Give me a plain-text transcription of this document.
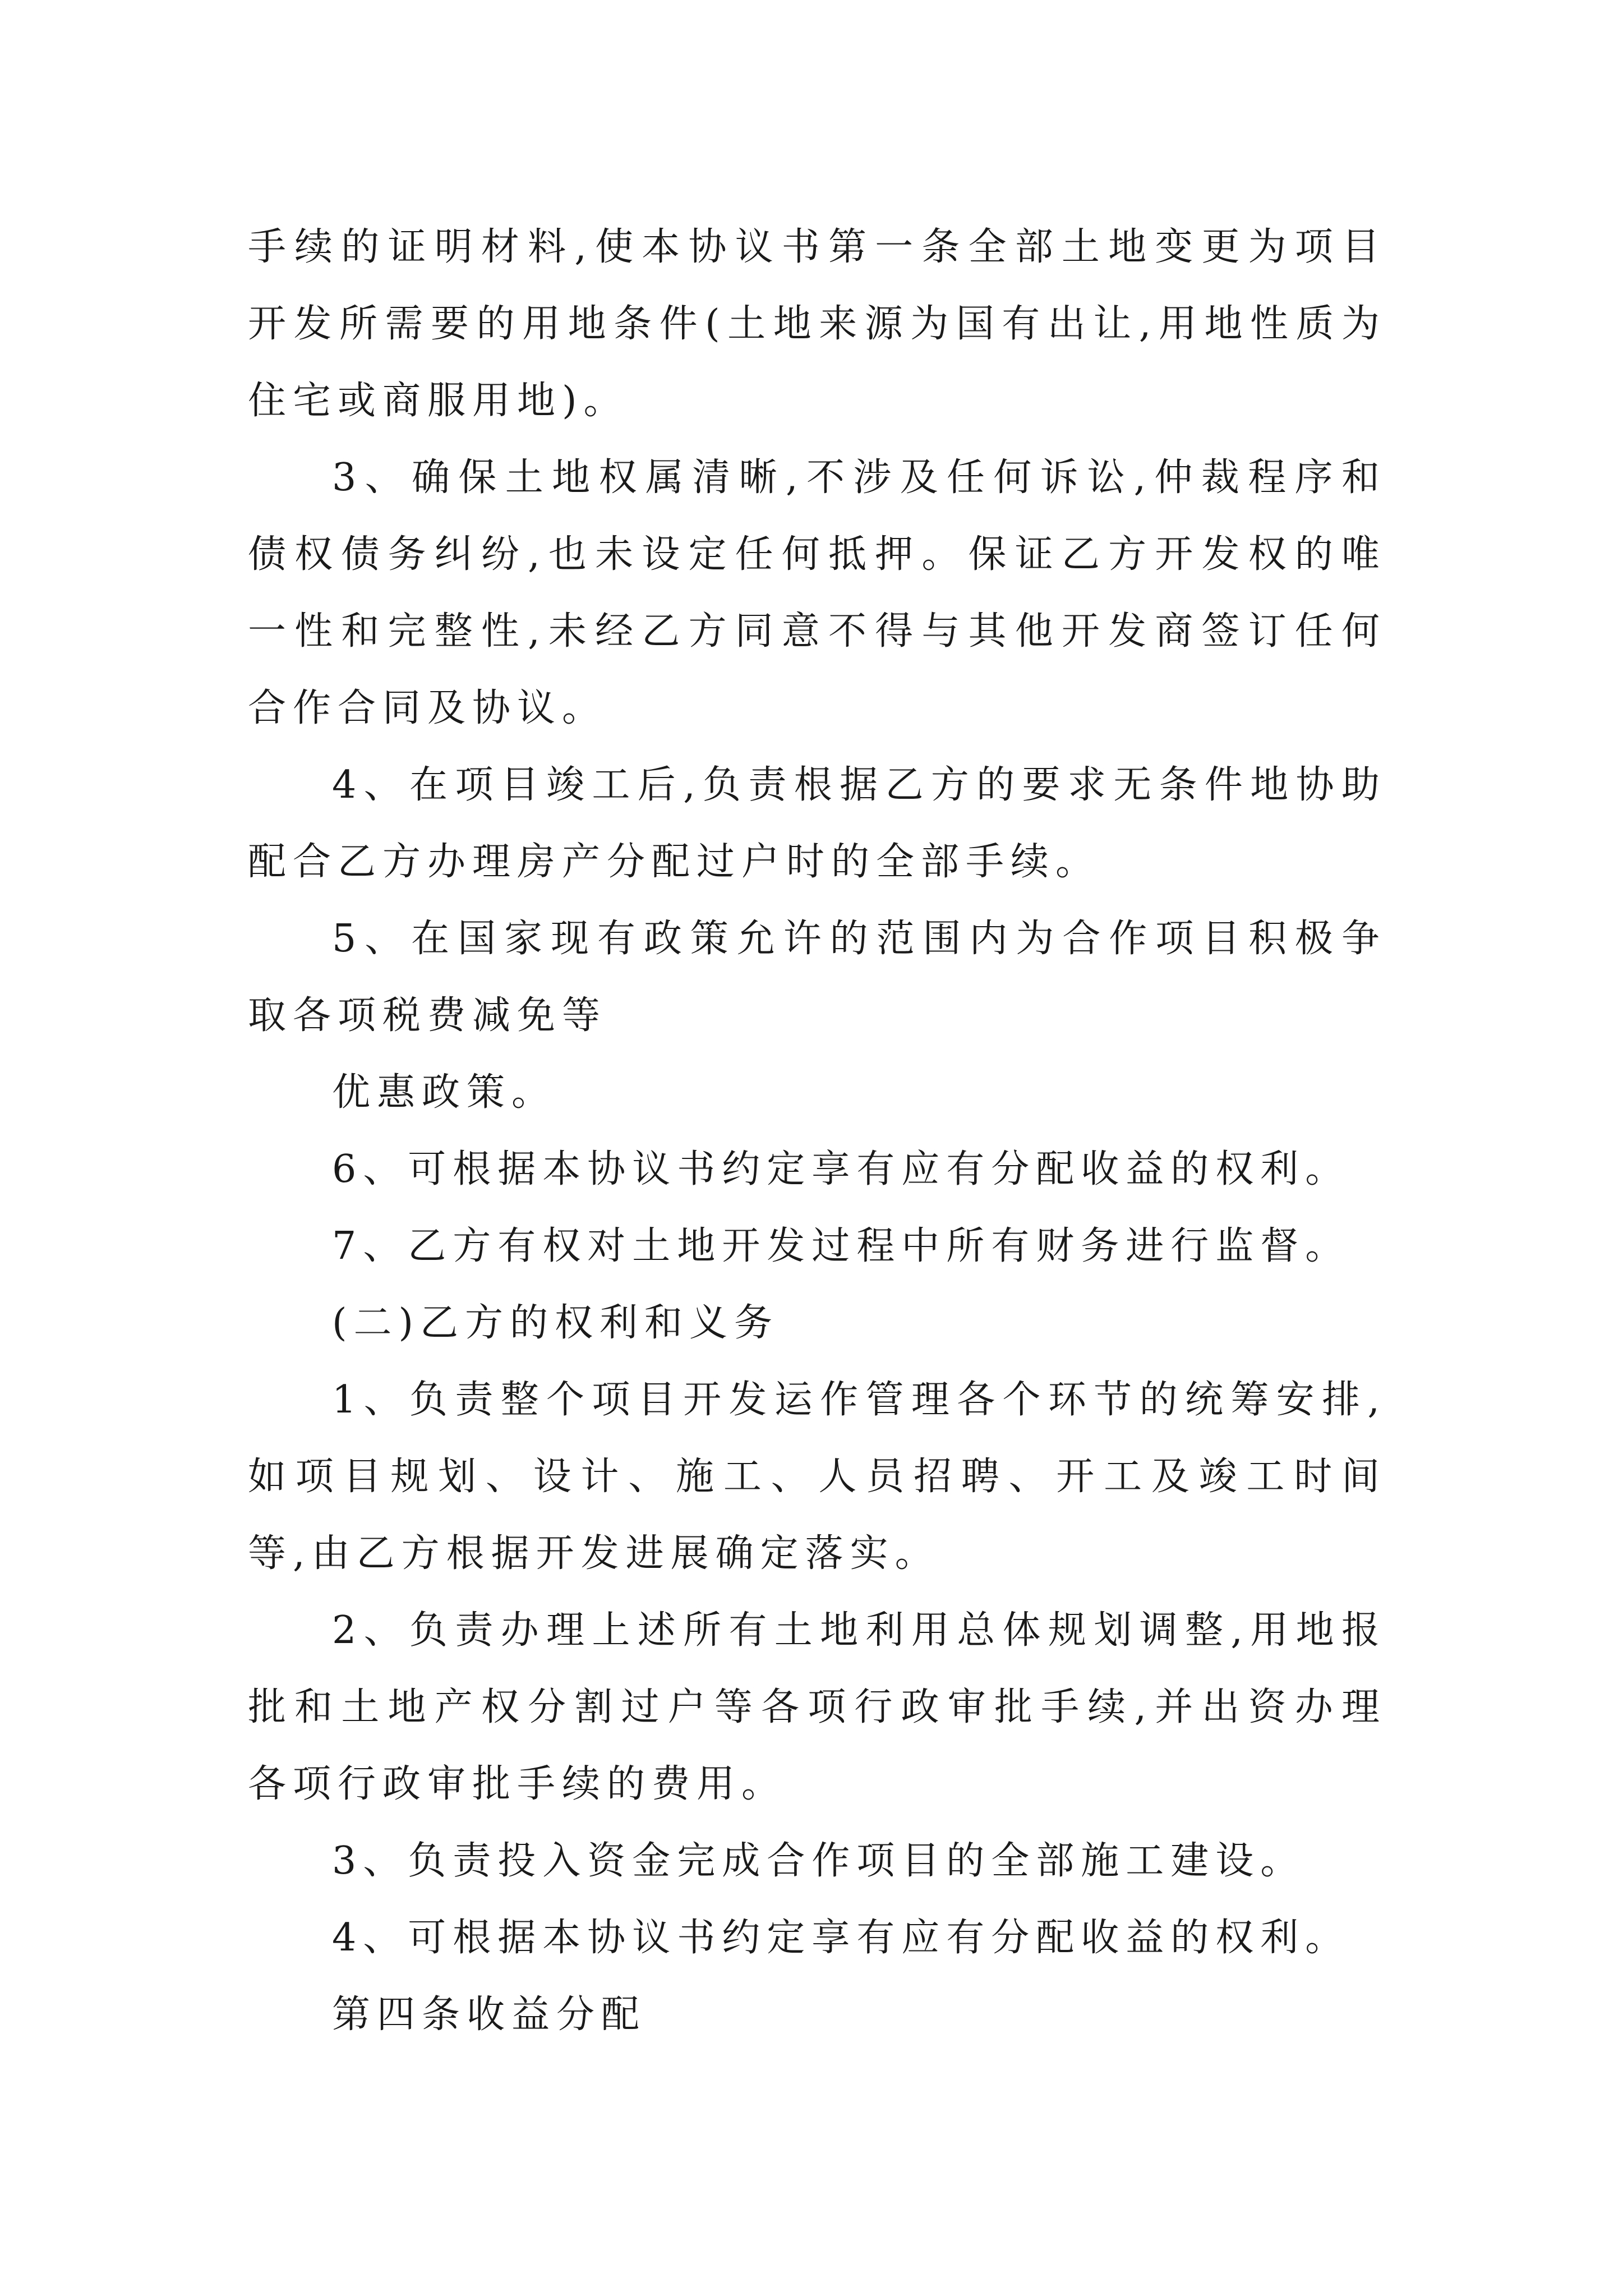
手续的证明材料,使本协议书第一条全部土地变更为项目开发所需要的用地条件(土地来源为国有出让,用地性质为住宅或商服用地)。

3、确保土地权属清晰,不涉及任何诉讼,仲裁程序和债权债务纠纷,也未设定任何抵押。保证乙方开发权的唯一性和完整性,未经乙方同意不得与其他开发商签订任何合作合同及协议。

4、在项目竣工后,负责根据乙方的要求无条件地协助配合乙方办理房产分配过户时的全部手续。

5、在国家现有政策允许的范围内为合作项目积极争取各项税费减免等

优惠政策。

6、可根据本协议书约定享有应有分配收益的权利。

7、乙方有权对土地开发过程中所有财务进行监督。

(二)乙方的权利和义务

1、负责整个项目开发运作管理各个环节的统筹安排,如项目规划、设计、施工、人员招聘、开工及竣工时间等,由乙方根据开发进展确定落实。

2、负责办理上述所有土地利用总体规划调整,用地报批和土地产权分割过户等各项行政审批手续,并出资办理各项行政审批手续的费用。

3、负责投入资金完成合作项目的全部施工建设。

4、可根据本协议书约定享有应有分配收益的权利。

第四条收益分配
